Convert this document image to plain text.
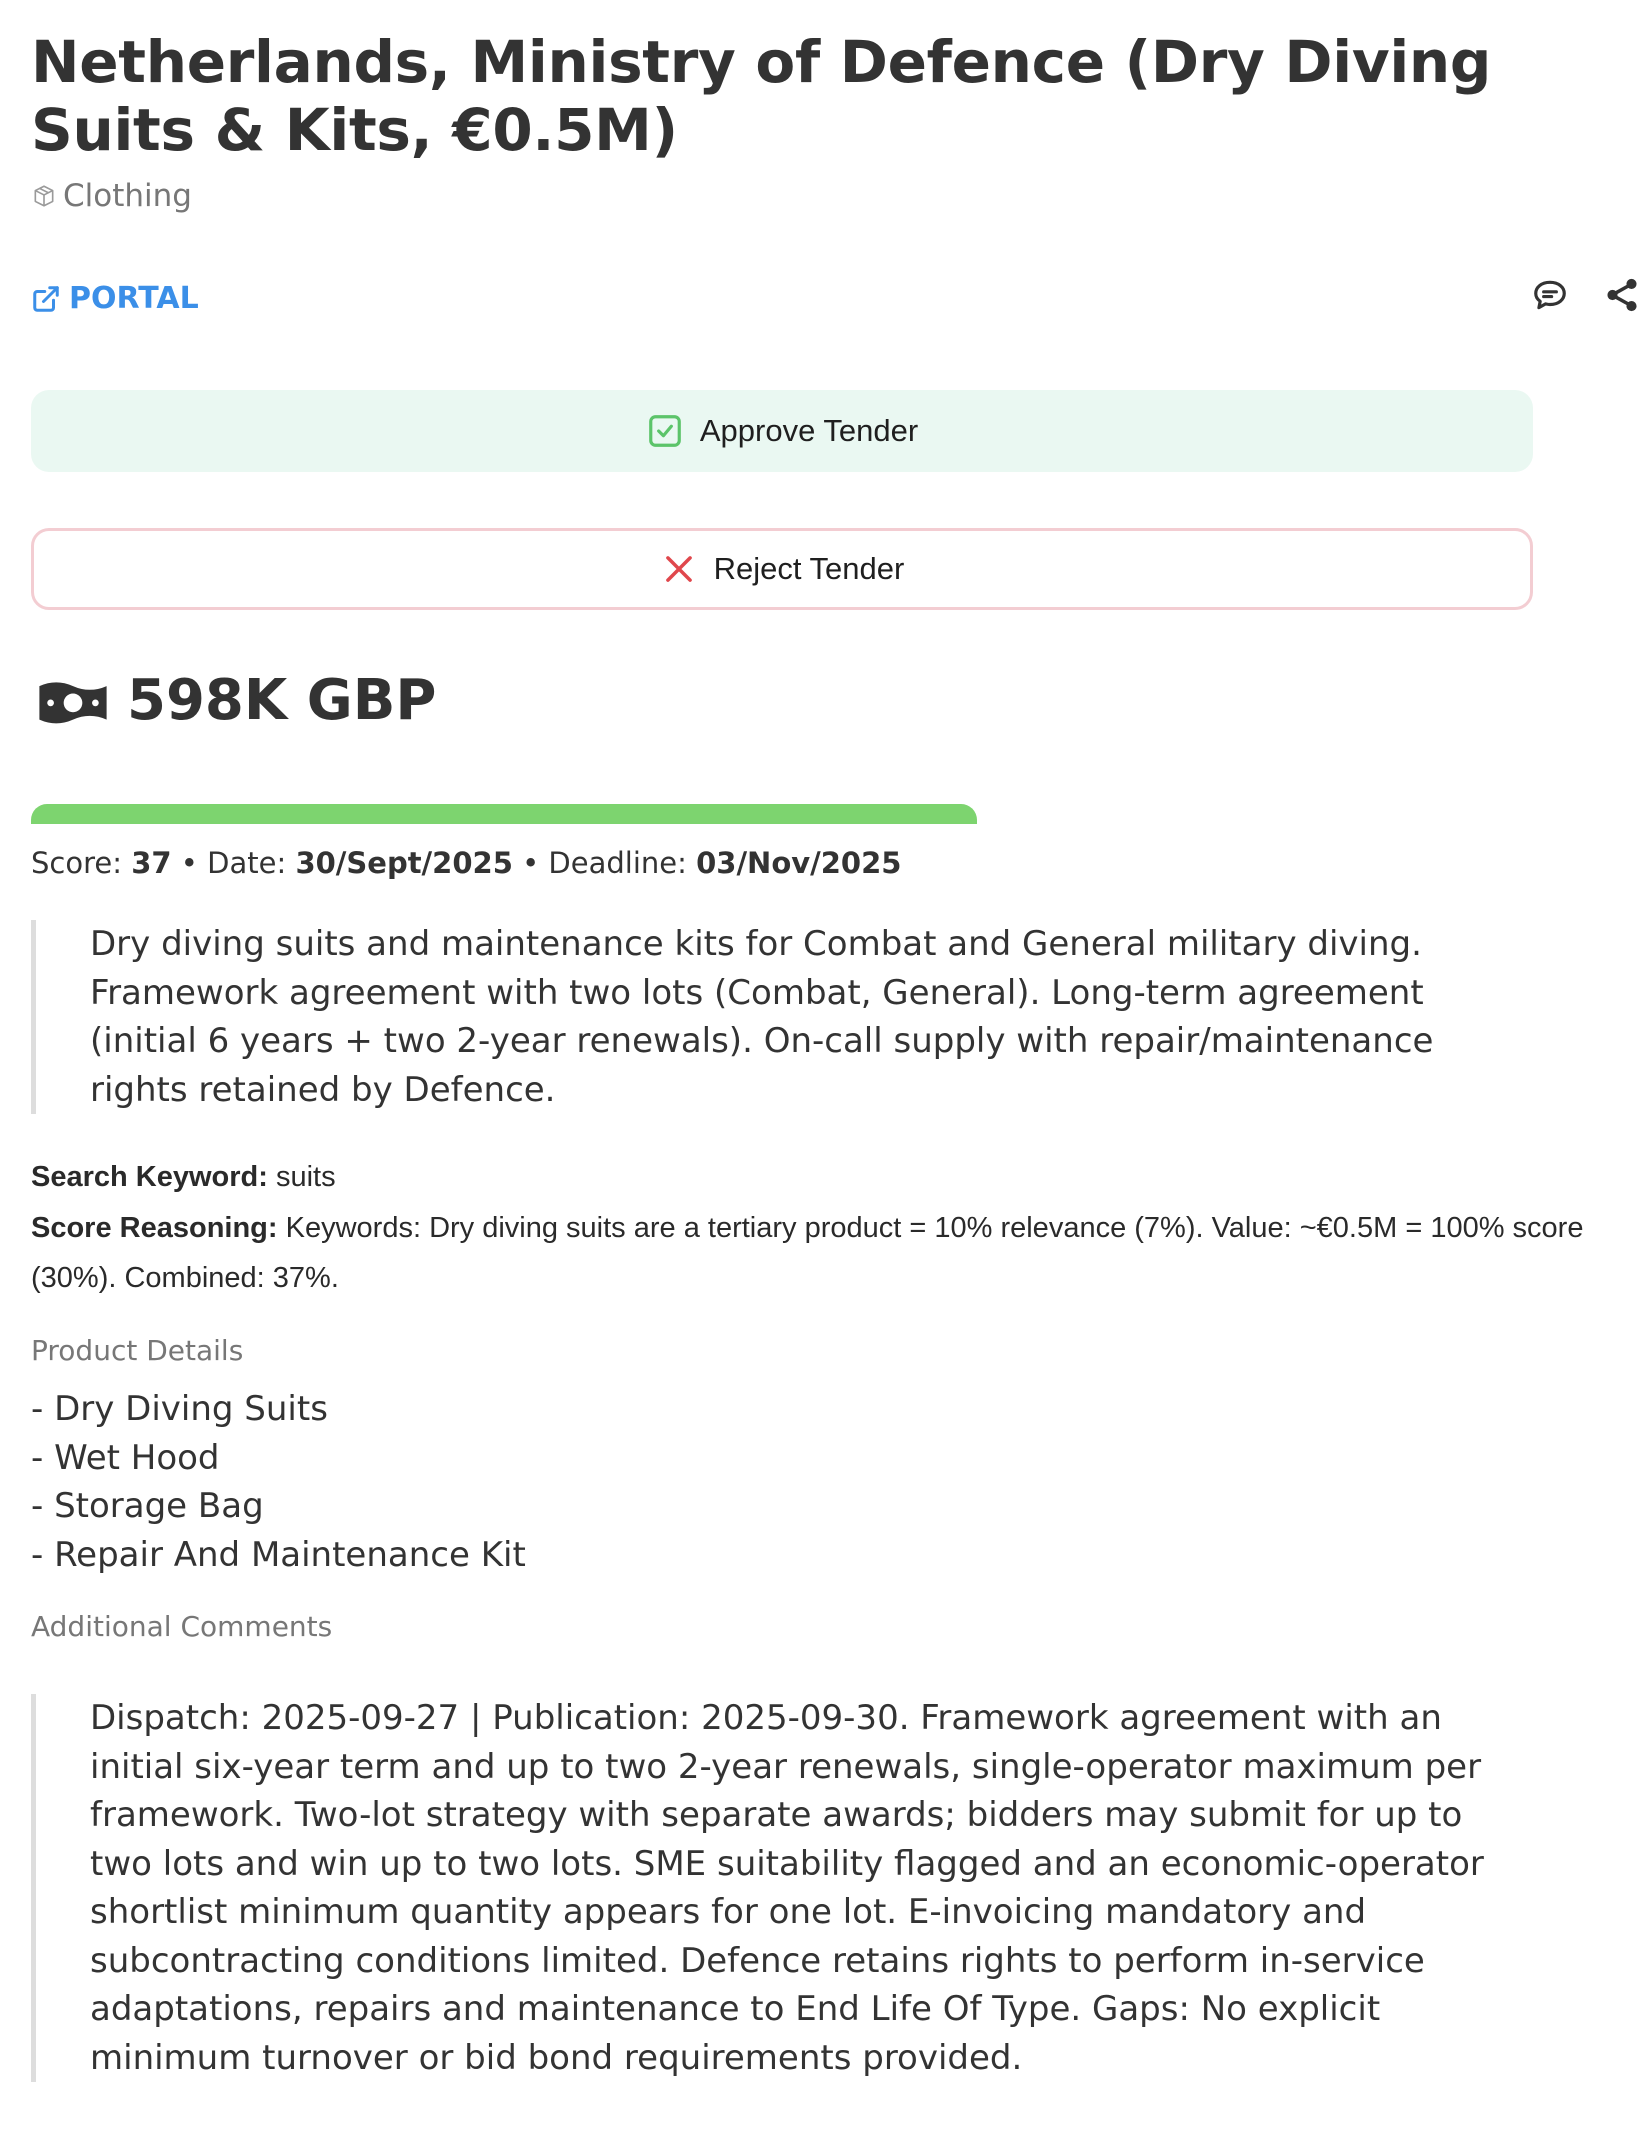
Netherlands, Ministry of Defence (Dry Diving Suits & Kits, €0.5M)
Clothing
PORTAL
Approve Tender
Reject Tender
598K GBP
Score: 37 • Date: 30/Sept/2025 • Deadline: 03/Nov/2025
Dry diving suits and maintenance kits for Combat and General military diving. Framework agreement with two lots (Combat, General). Long-term agreement (initial 6 years + two 2-year renewals). On-call supply with repair/maintenance rights retained by Defence.
Search Keyword: suits
Score Reasoning: Keywords: Dry diving suits are a tertiary product = 10% relevance (7%). Value: ~€0.5M = 100% score (30%). Combined: 37%.
Product Details
- Dry Diving Suits
- Wet Hood
- Storage Bag
- Repair And Maintenance Kit
Additional Comments
Dispatch: 2025-09-27 | Publication: 2025-09-30. Framework agreement with an initial six-year term and up to two 2-year renewals, single-operator maximum per framework. Two-lot strategy with separate awards; bidders may submit for up to two lots and win up to two lots. SME suitability flagged and an economic-operator shortlist minimum quantity appears for one lot. E-invoicing mandatory and subcontracting conditions limited. Defence retains rights to perform in-service adaptations, repairs and maintenance to End Life Of Type. Gaps: No explicit minimum turnover or bid bond requirements provided.
